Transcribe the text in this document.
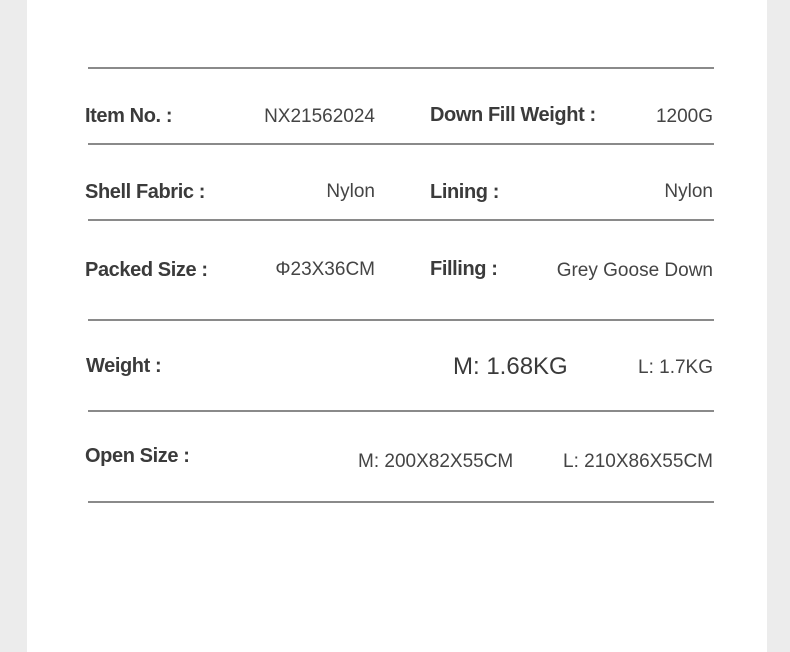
Item No. :	NX21562024	Down Fill Weight :	1200G
Shell Fabric :	Nylon	Lining :	Nylon
Packed Size :	Φ23X36CM	Filling :	Grey Goose Down
Weight :	M: 1.68KG	L: 1.7KG
Open Size :	M: 200X82X55CM	L: 210X86X55CM
